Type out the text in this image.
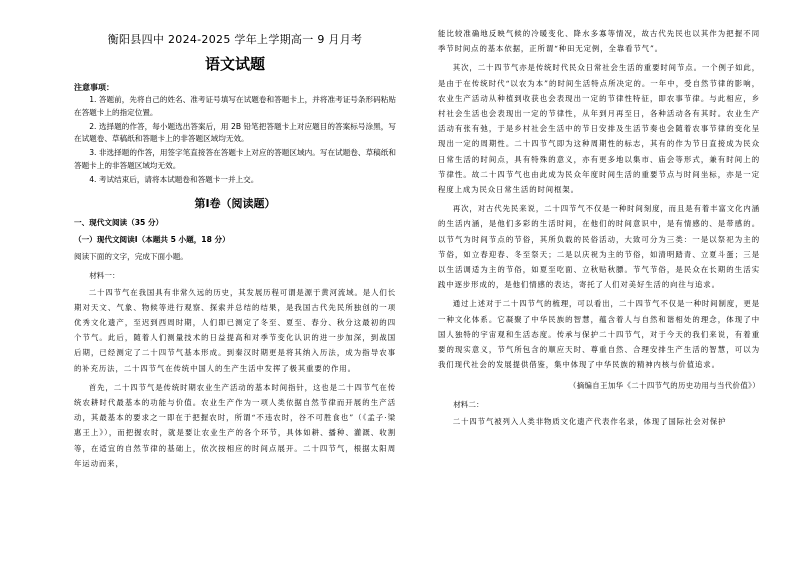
衡阳县四中 2024-2025 学年上学期高一 9 月月考
语文试题
注意事项：

1. 答题前，先将自己的姓名、准考证号填写在试题卷和答题卡上，并将准考证号条形码粘贴在答题卡上的指定位置。

2. 选择题的作答，每小题选出答案后，用 2B 铅笔把答题卡上对应题目的答案标号涂黑，写在试题卷、草稿纸和答题卡上的非答题区域均无效。

3. 非选择题的作答，用签字笔直接答在答题卡上对应的答题区域内。写在试题卷、草稿纸和答题卡上的非答题区域均无效。

4. 考试结束后，请将本试题卷和答题卡一并上交。

第Ⅰ卷（阅读题）
一、现代文阅读（35 分）
（一）现代文阅读Ⅰ（本题共 5 小题，18 分）
阅读下面的文字，完成下面小题。
材料一：

二十四节气在我国具有非常久远的历史，其发展历程可谓是源于黄河流域。是人们长期对天文、气象、物候等进行观察、探索并总结的结果，是我国古代先民所独创的一项优秀文化遗产，至迟到西周时期，人们即已测定了冬至、夏至、春分、秋分这最初的四个节气。此后，随着人们测量技术的日益提高和对季节变化认识的进一步加深，到战国后期，已经测定了二十四节气基本形成。到秦汉时期更是将其纳入历法，成为指导农事的补充历法，二十四节气在传统中国人的生产生活中发挥了极其重要的作用。

首先，二十四节气是传统时期农业生产活动的基本时间指针，这也是二十四节气在传统农耕时代最基本的功能与价值。农业生产作为一项人类依据自然节律而开展的生产活动，其最基本的要求之一即在于把握农时，所谓“不违农时，谷不可胜食也”（《孟子·梁惠王上》），而把握农时，就是要让农业生产的各个环节，具体如耕、播种、灌溉、收割等，在适宜的自然节律的基础上，依次按相应的时间点展开。二十四节气，根据太阳周年运动而来，

能比较准确地反映气候的冷暖变化、降水多寡等情况，故古代先民也以其作为把握不同季节时间点的基本依据，正所谓“种田无定例，全靠看节气”。

其次，二十四节气亦是传统时代民众日常社会生活的重要时间节点。一个例子如此，是由于在传统时代“以农为本”的时间生活特点所决定的。一年中，受自然节律的影响，农业生产活动从种植到收获也会表现出一定的节律性特征，即农事节律。与此相应，乡村社会生活也会表现出一定的节律性，从年到月再至日，各种活动各有其时。农业生产活动有张有弛，于是乡村社会生活中的节日安排及生活节奏也会随着农事节律的变化呈现出一定的周期性。二十四节气即为这种周期性的标志，其有的作为节日直接成为民众日常生活的时间点，具有特殊的意义，亦有更多地以集市、庙会等形式，兼有时间上的节律性。故二十四节气也由此成为民众年度时间生活的重要节点与时间坐标，亦是一定程度上成为民众日常生活的时间框架。

再次，对古代先民来说，二十四节气不仅是一种时间刻度，而且是有着丰富文化内涵的生活内涵，是他们多彩的生活时间，在他们的时间意识中，是有情感的、是带感的。以节气为时间节点的节俗，其所负载的民俗活动，大致可分为三类：一是以祭祀为主的节俗，如立春迎春、冬至祭天；二是以庆祝为主的节俗，如清明踏青、立夏斗蛋；三是以生活调适为主的节俗，如夏至吃面、立秋贴秋膘。节气节俗，是民众在长期的生活实践中逐步形成的，是他们情感的表达，寄托了人们对美好生活的向往与追求。

通过上述对于二十四节气的梳理，可以看出，二十四节气不仅是一种时间制度，更是一种文化体系。它凝聚了中华民族的智慧，蕴含着人与自然和谐相处的理念，体现了中国人独特的宇宙观和生活态度。传承与保护二十四节气，对于今天的我们来说，有着重要的现实意义，节气所包含的顺应天时、尊重自然、合理安排生产生活的智慧，可以为我们现代社会的发展提供借鉴，集中体现了中华民族的精神内核与价值追求。

（摘编自王加华《二十四节气的历史功用与当代价值》）
材料二：

二十四节气被列入人类非物质文化遗产代表作名录，体现了国际社会对保护
